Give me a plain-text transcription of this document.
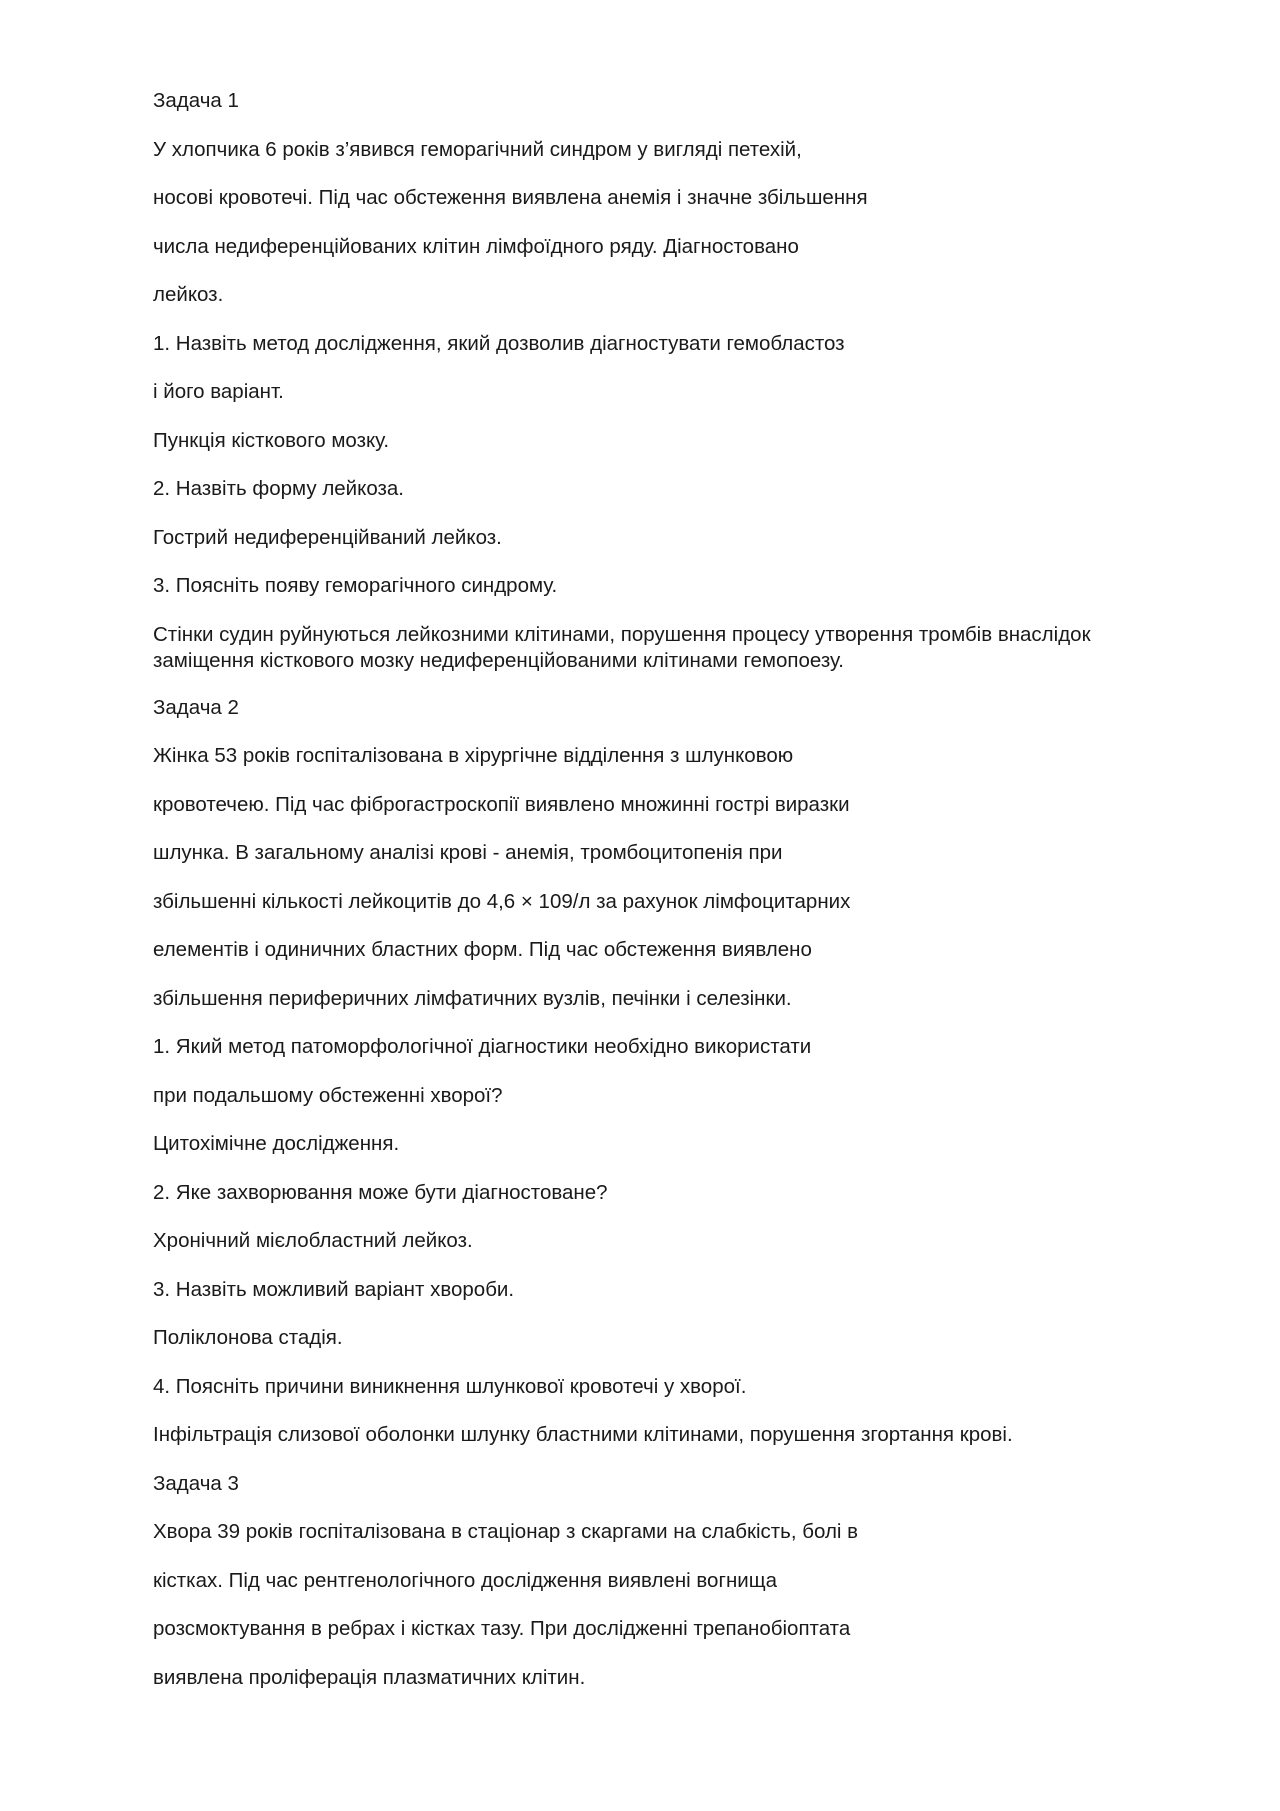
Задача 1

У хлопчика 6 років з’явився геморагічний синдром у вигляді петехій,

носові кровотечі. Під час обстеження виявлена анемія і значне збільшення

числа недиференційованих клітин лімфоїдного ряду. Діагностовано

лейкоз.

1. Назвіть метод дослідження, який дозволив діагностувати гемобластоз

і його варіант.

Пункція кісткового мозку.

2. Назвіть форму лейкоза.

Гострий недиференційваний лейкоз.

3. Поясніть появу геморагічного синдрому.

Стінки судин руйнуються лейкозними клітинами, порушення процесу утворення тромбів внаслідок заміщення кісткового мозку недиференційованими клітинами гемопоезу.

Задача 2

Жінка 53 років госпіталізована в хірургічне відділення з шлунковою

кровотечею. Під час фіброгастроскопії виявлено множинні гострі виразки

шлунка. В загальному аналізі крові - анемія, тромбоцитопенія при

збільшенні кількості лейкоцитів до 4,6 × 109/л за рахунок лімфоцитарних

елементів і одиничних бластних форм. Під час обстеження виявлено

збільшення периферичних лімфатичних вузлів, печінки і селезінки.

1. Який метод патоморфологічної діагностики необхідно використати

при подальшому обстеженні хворої?

Цитохімічне дослідження.

2. Яке захворювання може бути діагностоване?

Хронічний мієлобластний лейкоз.

3. Назвіть можливий варіант хвороби.

Поліклонова стадія.

4. Поясніть причини виникнення шлункової кровотечі у хворої.

Інфільтрація слизової оболонки шлунку бластними клітинами, порушення згортання крові.

Задача 3

Хвора 39 років госпіталізована в стаціонар з скаргами на слабкість, болі в

кістках. Під час рентгенологічного дослідження виявлені вогнища

розсмоктування в ребрах і кістках тазу. При дослідженні трепанобіоптата

виявлена проліферація плазматичних клітин.
